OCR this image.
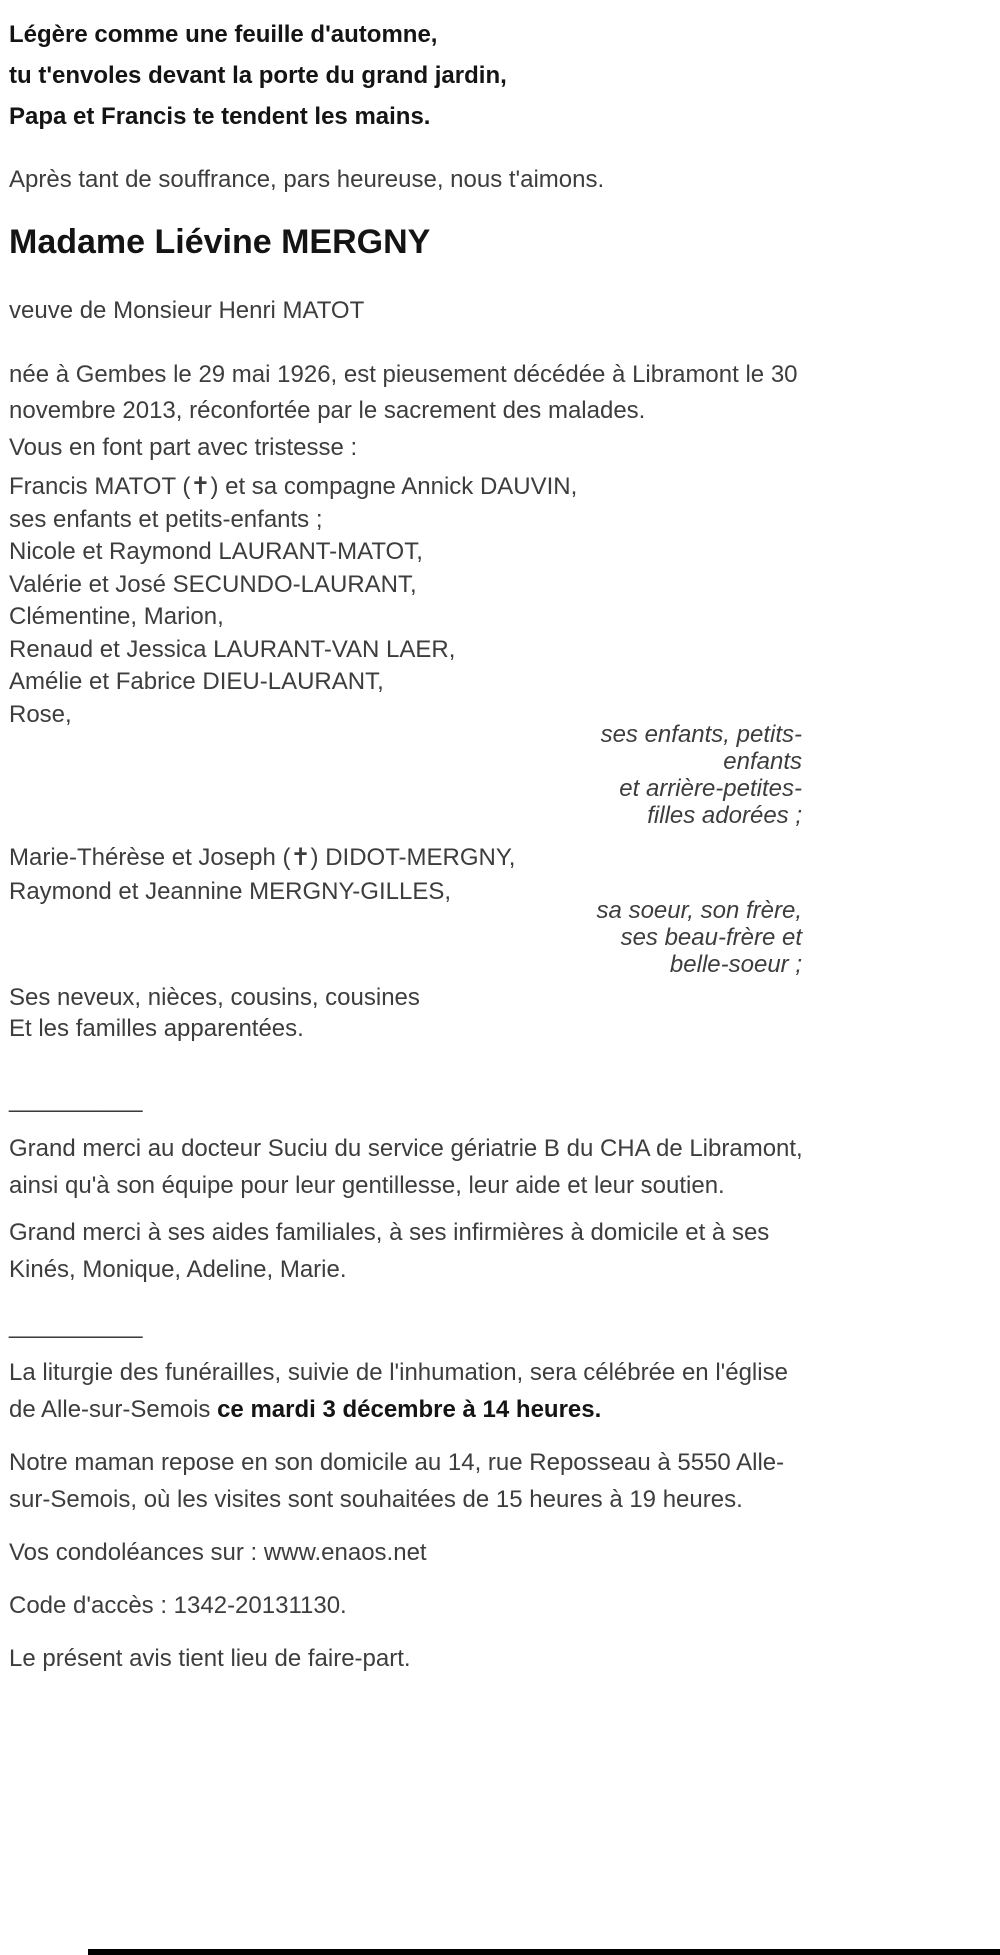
Légère comme une feuille d'automne,

tu t'envoles devant la porte du grand jardin,

Papa et Francis te tendent les mains.

Après tant de souffrance, pars heureuse, nous t'aimons.

Madame Liévine MERGNY

veuve de Monsieur Henri MATOT

née à Gembes le 29 mai 1926, est pieusement décédée à Libramont le 30 novembre 2013, réconfortée par le sacrement des malades.

Vous en font part avec tristesse :

Francis MATOT (✝) et sa compagne Annick DAUVIN,

ses enfants et petits-enfants ;

Nicole et Raymond LAURANT-MATOT,

Valérie et José SECUNDO-LAURANT,

Clémentine, Marion,

Renaud et Jessica LAURANT-VAN LAER,

Amélie et Fabrice DIEU-LAURANT,

Rose,

ses enfants, petits-
enfants
et arrière-petites-
filles adorées ;

Marie-Thérèse et Joseph (✝) DIDOT-MERGNY,

Raymond et Jeannine MERGNY-GILLES,

sa soeur, son frère,
ses beau-frère et
belle-soeur ;

Ses neveux, nièces, cousins, cousines

Et les familles apparentées.

__________

Grand merci au docteur Suciu du service gériatrie B du CHA de Libramont, ainsi qu'à son équipe pour leur gentillesse, leur aide et leur soutien.

Grand merci à ses aides familiales, à ses infirmières à domicile et à ses Kinés, Monique, Adeline, Marie.

__________

La liturgie des funérailles, suivie de l'inhumation, sera célébrée en l'église de Alle-sur-Semois ce mardi 3 décembre à 14 heures.

Notre maman repose en son domicile au 14, rue Reposseau à 5550 Alle-sur-Semois, où les visites sont souhaitées de 15 heures à 19 heures.

Vos condoléances sur : www.enaos.net

Code d'accès : 1342-20131130.

Le présent avis tient lieu de faire-part.
